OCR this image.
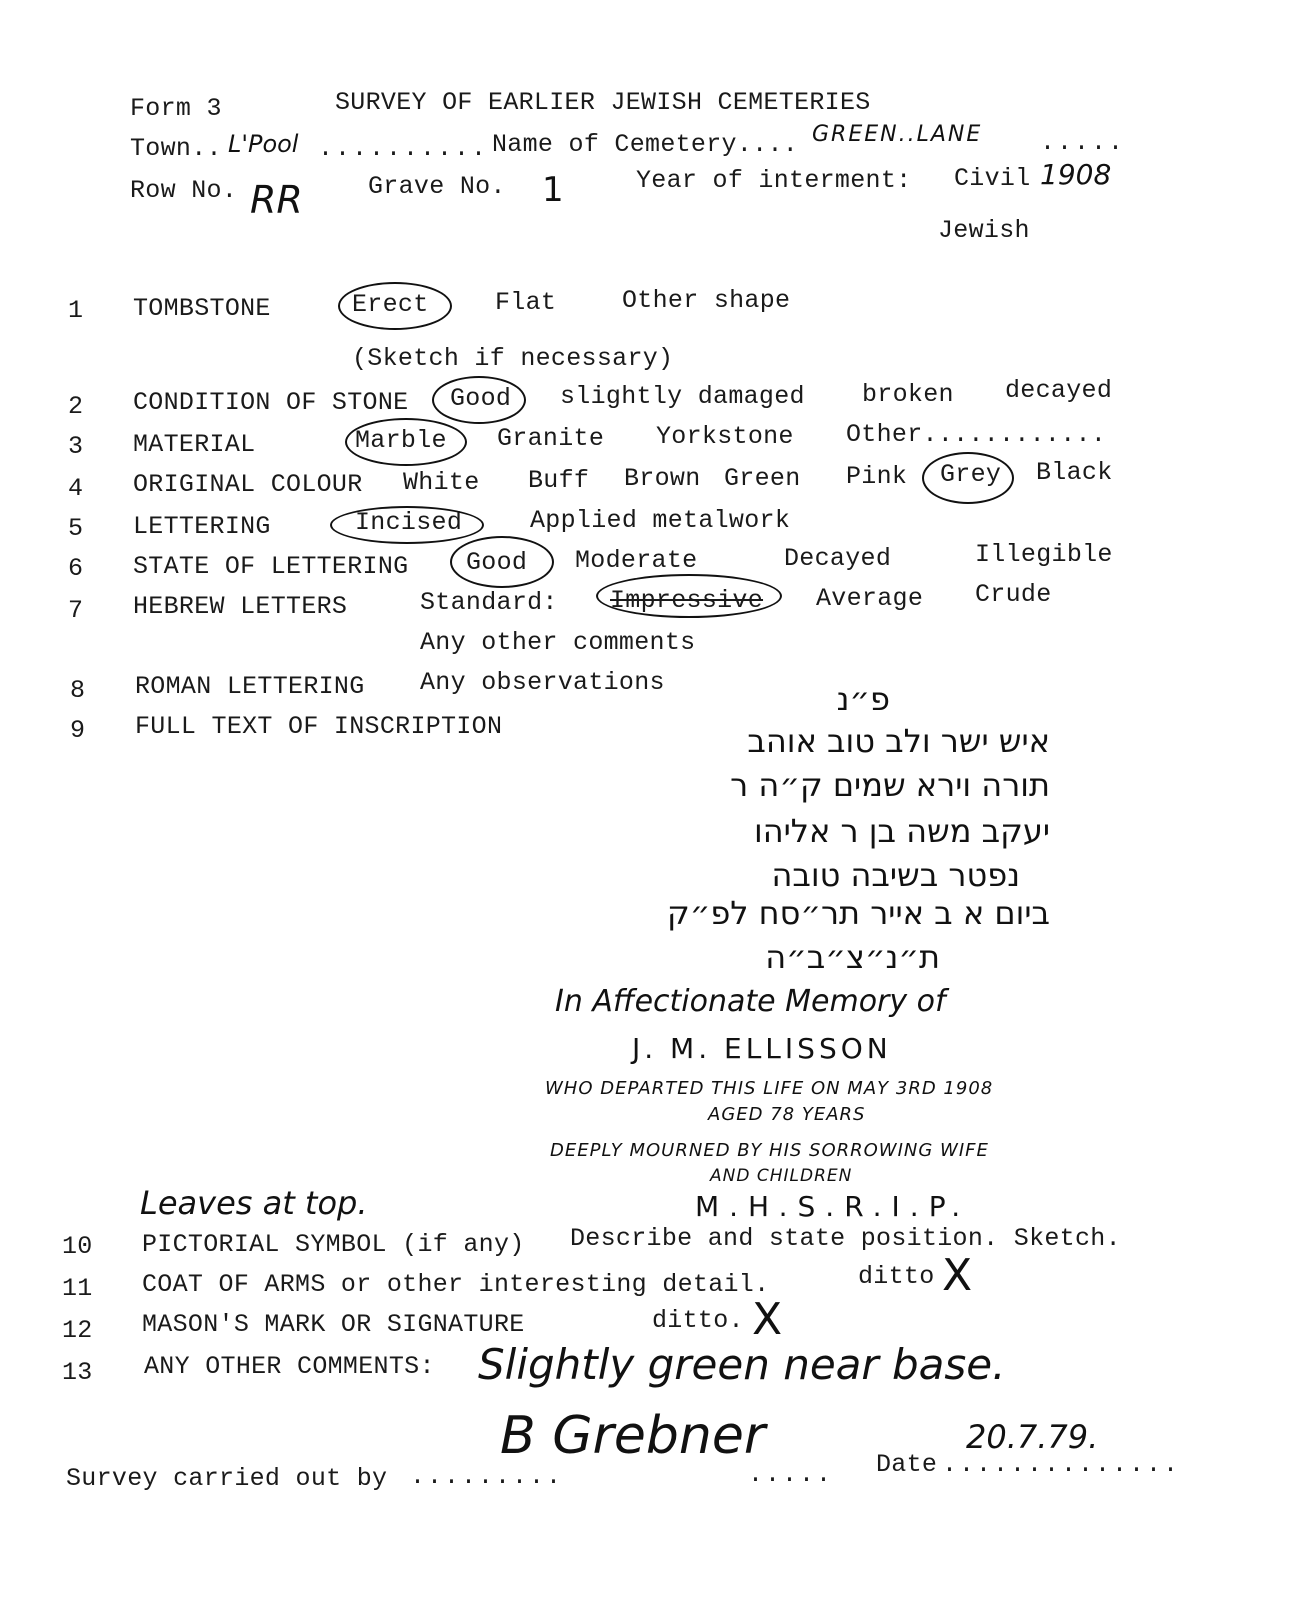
Form 3	SURVEY OF EARLIER JEWISH CEMETERIES
Town.. L'Pool .......... Name of Cemetery.... GREEN..LANE .....
Row No. RR	Grave No. 1	Year of interment: Civil 1908
Jewish
1 TOMBSTONE	Erect	Flat	Other shape
(Sketch if necessary)
2 CONDITION OF STONE Good slightly damaged broken decayed
3 MATERIAL	Marble Granite Yorkstone Other............
4 ORIGINAL COLOUR White Buff Brown Green Pink Grey Black
5 LETTERING	Incised	Applied metalwork
6 STATE OF LETTERING Good Moderate	Decayed	Illegible
7 HEBREW LETTERS	Standard: Impressive Average Crude
Any other comments
8 ROMAN LETTERING Any observations
9 FULL TEXT OF INSCRIPTION
פ״נ
איש ישר ולב טוב אוהב
תורה וירא שמים ק״ה ר
יעקב משה בן ר אליהו
נפטר בשיבה טובה
ביום א ב אייר תר״סח לפ״ק
ת״נ״צ״ב״ה
In Affectionate Memory of
J. M. ELLISSON
WHO DEPARTED THIS LIFE ON MAY 3RD 1908
AGED 78 YEARS
DEEPLY MOURNED BY HIS SORROWING WIFE
AND CHILDREN
M.H.S.R.I.P.
Leaves at top.
10 PICTORIAL SYMBOL (if any) Describe and state position. Sketch.
11 COAT OF ARMS or other interesting detail.	ditto X
12 MASON'S MARK OR SIGNATURE	ditto. X
13 ANY OTHER COMMENTS: Slightly green near base.
Survey carried out by .........
B Grebner
..... Date ..............
20.7.79.
